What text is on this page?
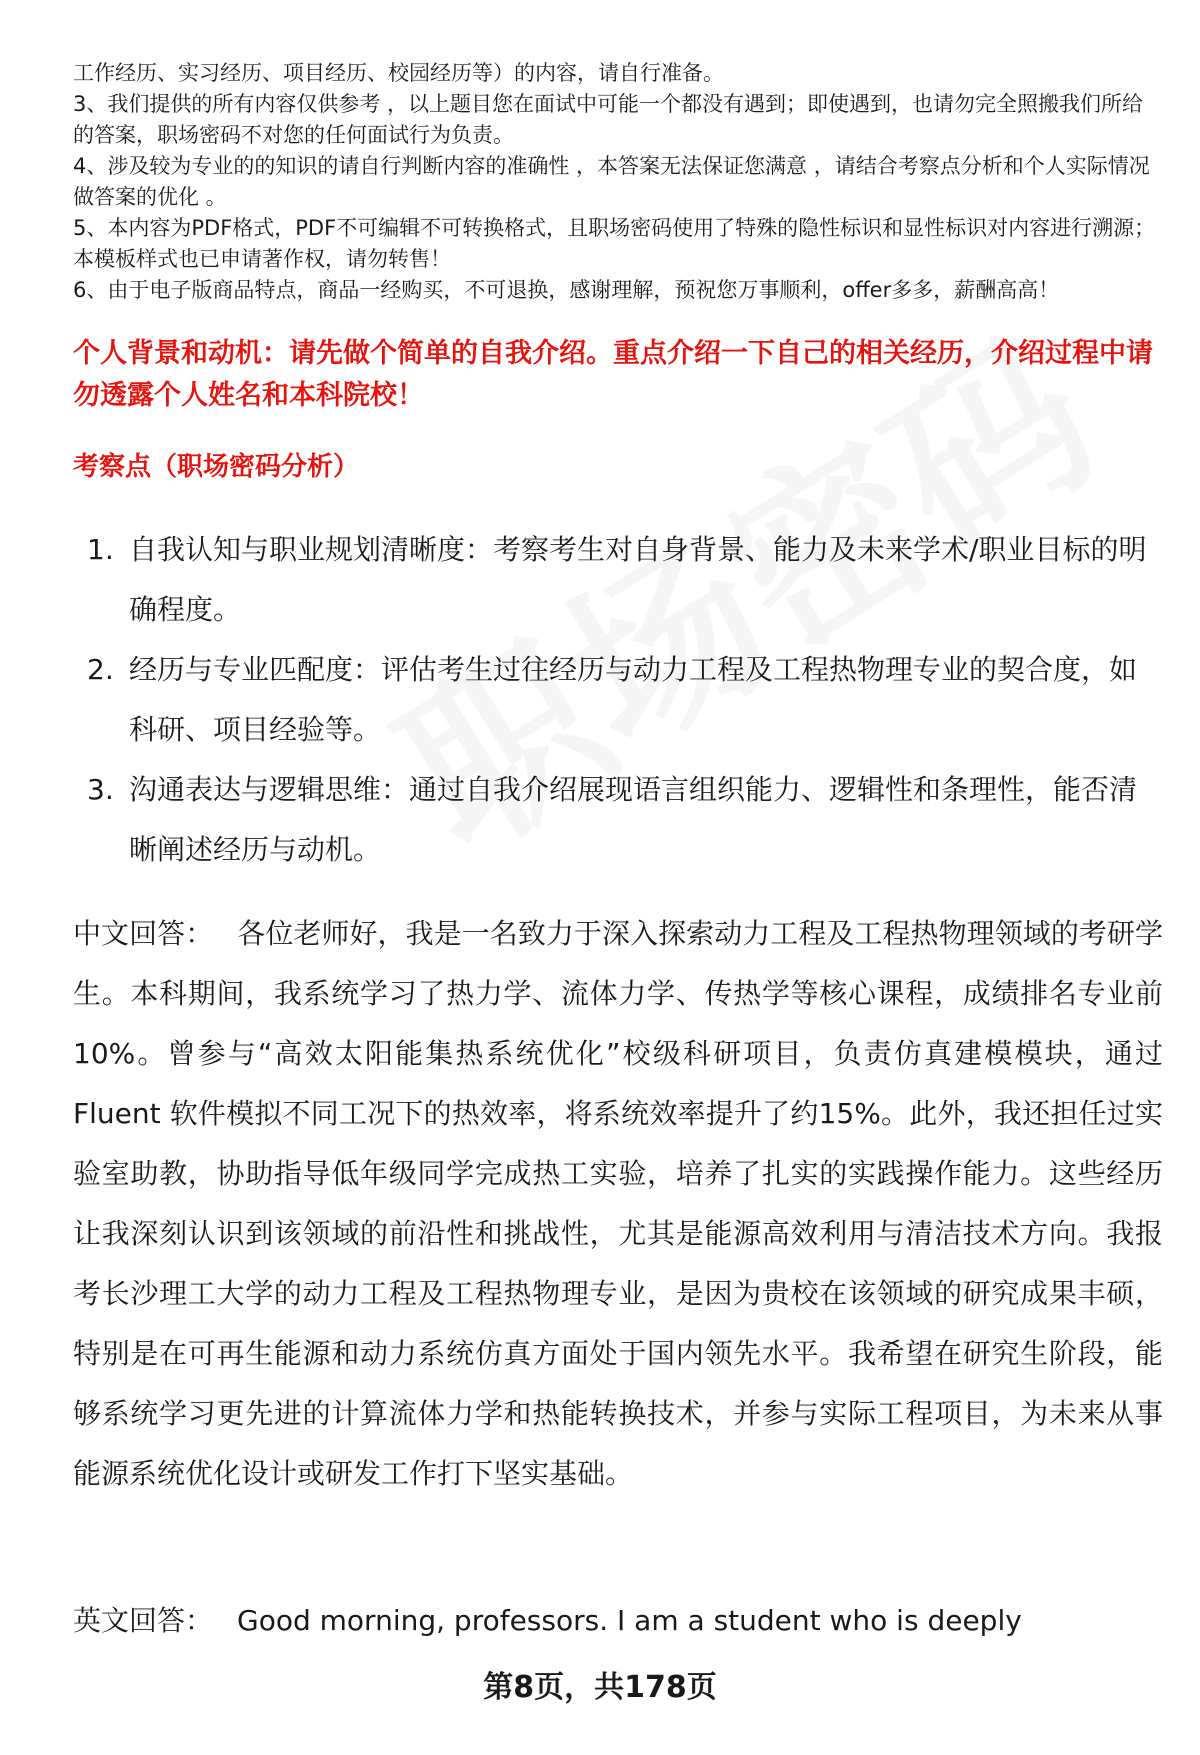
工作经历、实习经历、项目经历、校园经历等）的内容，请自行准备。

3、我们提供的所有内容仅供参考 ，以上题目您在面试中可能一个都没有遇到；即使遇到，也请勿完全照搬我们所给的答案，职场密码不对您的任何面试行为负责。

4、涉及较为专业的的知识的请自行判断内容的准确性 ，本答案无法保证您满意 ，请结合考察点分析和个人实际情况做答案的优化 。

5、本内容为PDF格式，PDF不可编辑不可转换格式，且职场密码使用了特殊的隐性标识和显性标识对内容进行溯源；本模板样式也已申请著作权，请勿转售！

6、由于电子版商品特点，商品一经购买，不可退换，感谢理解，预祝您万事顺利，offer多多，薪酬高高！

个人背景和动机：请先做个简单的自我介绍。重点介绍一下自己的相关经历，介绍过程中请勿透露个人姓名和本科院校！
考察点（职场密码分析）
1. 自我认知与职业规划清晰度：考察考生对自身背景、能力及未来学术/职业目标的明确程度。
2. 经历与专业匹配度：评估考生过往经历与动力工程及工程热物理专业的契合度，如科研、项目经验等。
3. 沟通表达与逻辑思维：通过自我介绍展现语言组织能力、逻辑性和条理性，能否清晰阐述经历与动机。

中文回答： 各位老师好，我是一名致力于深入探索动力工程及工程热物理领域的考研学生。本科期间，我系统学习了热力学、流体力学、传热学等核心课程，成绩排名专业前10%。曾参与“高效太阳能集热系统优化”校级科研项目，负责仿真建模模块，通过 Fluent 软件模拟不同工况下的热效率，将系统效率提升了约15%。此外，我还担任过实验室助教，协助指导低年级同学完成热工实验，培养了扎实的实践操作能力。这些经历让我深刻认识到该领域的前沿性和挑战性，尤其是能源高效利用与清洁技术方向。我报考长沙理工大学的动力工程及工程热物理专业，是因为贵校在该领域的研究成果丰硕，特别是在可再生能源和动力系统仿真方面处于国内领先水平。我希望在研究生阶段，能够系统学习更先进的计算流体力学和热能转换技术，并参与实际工程项目，为未来从事能源系统优化设计或研发工作打下坚实基础。

英文回答： Good morning, professors. I am a student who is deeply

第8页，共178页
